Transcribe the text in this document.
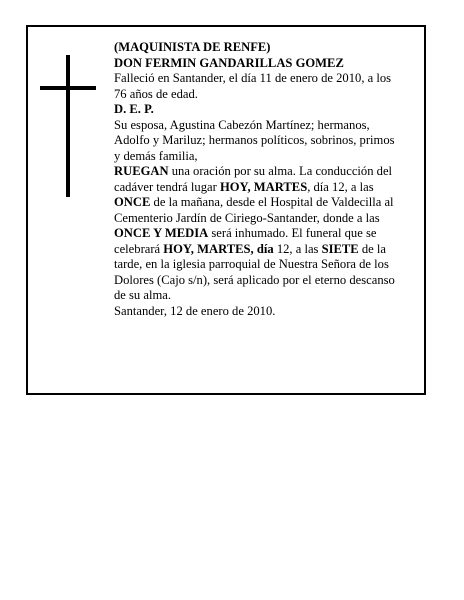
(MAQUINISTA DE RENFE)
DON FERMIN GANDARILLAS GOMEZ
Falleció en Santander, el día 11 de enero de 2010, a los
76 años de edad.
D. E. P.
Su esposa, Agustina Cabezón Martínez; hermanos,
Adolfo y Mariluz; hermanos políticos, sobrinos, primos
y demás familia,
RUEGAN una oración por su alma. La conducción del
cadáver tendrá lugar HOY, MARTES, día 12, a las
ONCE de la mañana, desde el Hospital de Valdecilla al
Cementerio Jardín de Ciriego-Santander, donde a las
ONCE Y MEDIA será inhumado. El funeral que se
celebrará HOY, MARTES, día 12, a las SIETE de la
tarde, en la iglesia parroquial de Nuestra Señora de los
Dolores (Cajo s/n), será aplicado por el eterno descanso
de su alma.
Santander, 12 de enero de 2010.
